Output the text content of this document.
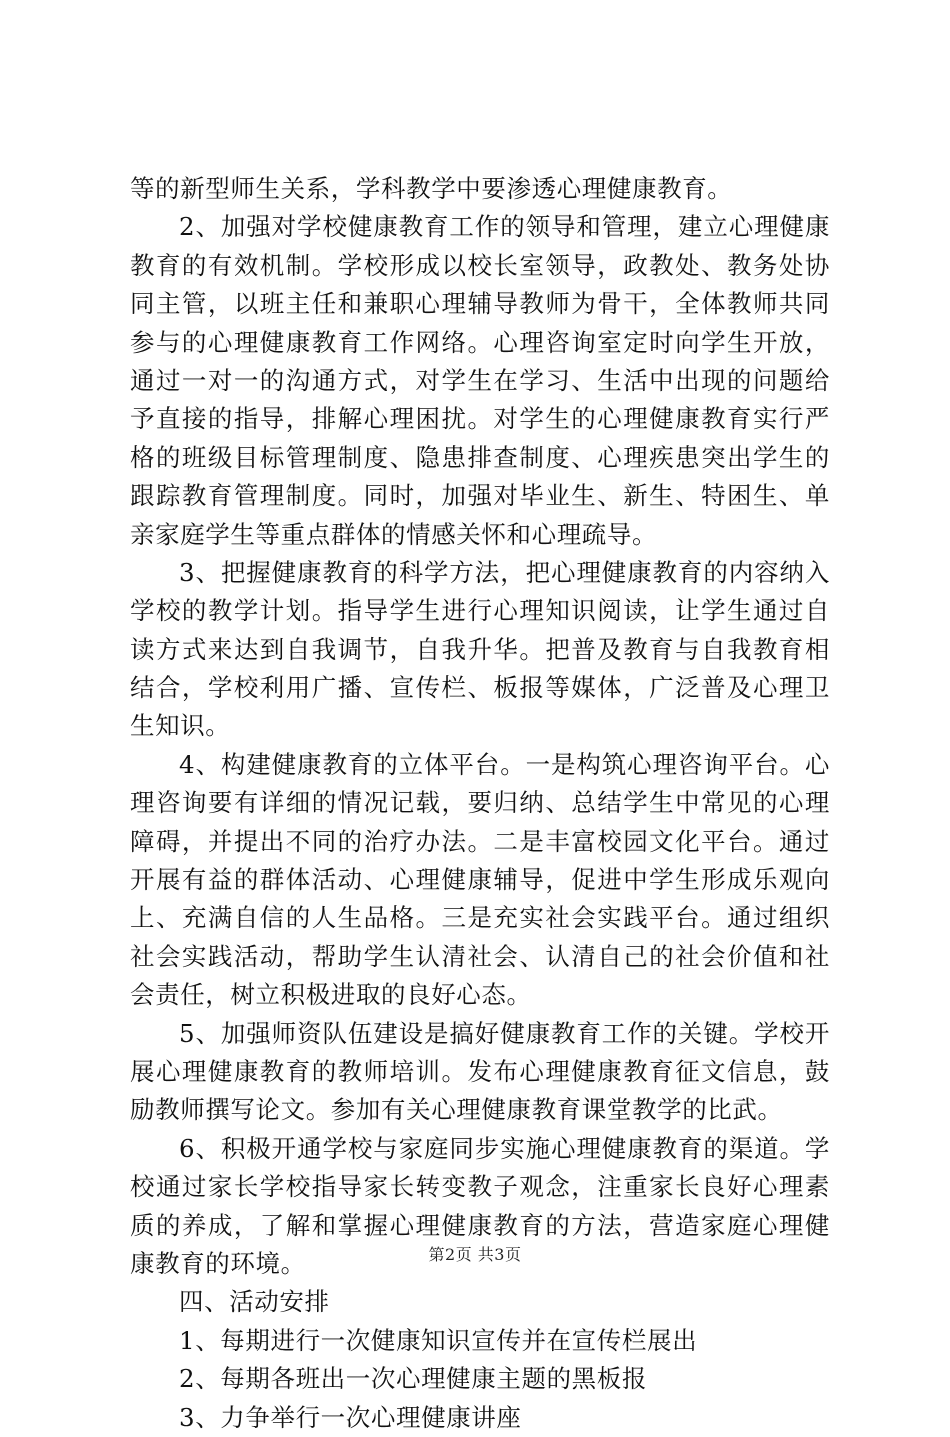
等的新型师生关系，学科教学中要渗透心理健康教育。
2、加强对学校健康教育工作的领导和管理，建立心理健康
教育的有效机制。学校形成以校长室领导，政教处、教务处协
同主管，以班主任和兼职心理辅导教师为骨干，全体教师共同
参与的心理健康教育工作网络。心理咨询室定时向学生开放，
通过一对一的沟通方式，对学生在学习、生活中出现的问题给
予直接的指导，排解心理困扰。对学生的心理健康教育实行严
格的班级目标管理制度、隐患排查制度、心理疾患突出学生的
跟踪教育管理制度。同时，加强对毕业生、新生、特困生、单
亲家庭学生等重点群体的情感关怀和心理疏导。
3、把握健康教育的科学方法，把心理健康教育的内容纳入
学校的教学计划。指导学生进行心理知识阅读，让学生通过自
读方式来达到自我调节，自我升华。把普及教育与自我教育相
结合，学校利用广播、宣传栏、板报等媒体，广泛普及心理卫
生知识。
4、构建健康教育的立体平台。一是构筑心理咨询平台。心
理咨询要有详细的情况记载，要归纳、总结学生中常见的心理
障碍，并提出不同的治疗办法。二是丰富校园文化平台。通过
开展有益的群体活动、心理健康辅导，促进中学生形成乐观向
上、充满自信的人生品格。三是充实社会实践平台。通过组织
社会实践活动，帮助学生认清社会、认清自己的社会价值和社
会责任，树立积极进取的良好心态。
5、加强师资队伍建设是搞好健康教育工作的关键。学校开
展心理健康教育的教师培训。发布心理健康教育征文信息，鼓
励教师撰写论文。参加有关心理健康教育课堂教学的比武。
6、积极开通学校与家庭同步实施心理健康教育的渠道。学
校通过家长学校指导家长转变教子观念，注重家长良好心理素
质的养成，了解和掌握心理健康教育的方法，营造家庭心理健
康教育的环境。
四、活动安排
1、每期进行一次健康知识宣传并在宣传栏展出
2、每期各班出一次心理健康主题的黑板报
3、力争举行一次心理健康讲座
第2页 共3页
